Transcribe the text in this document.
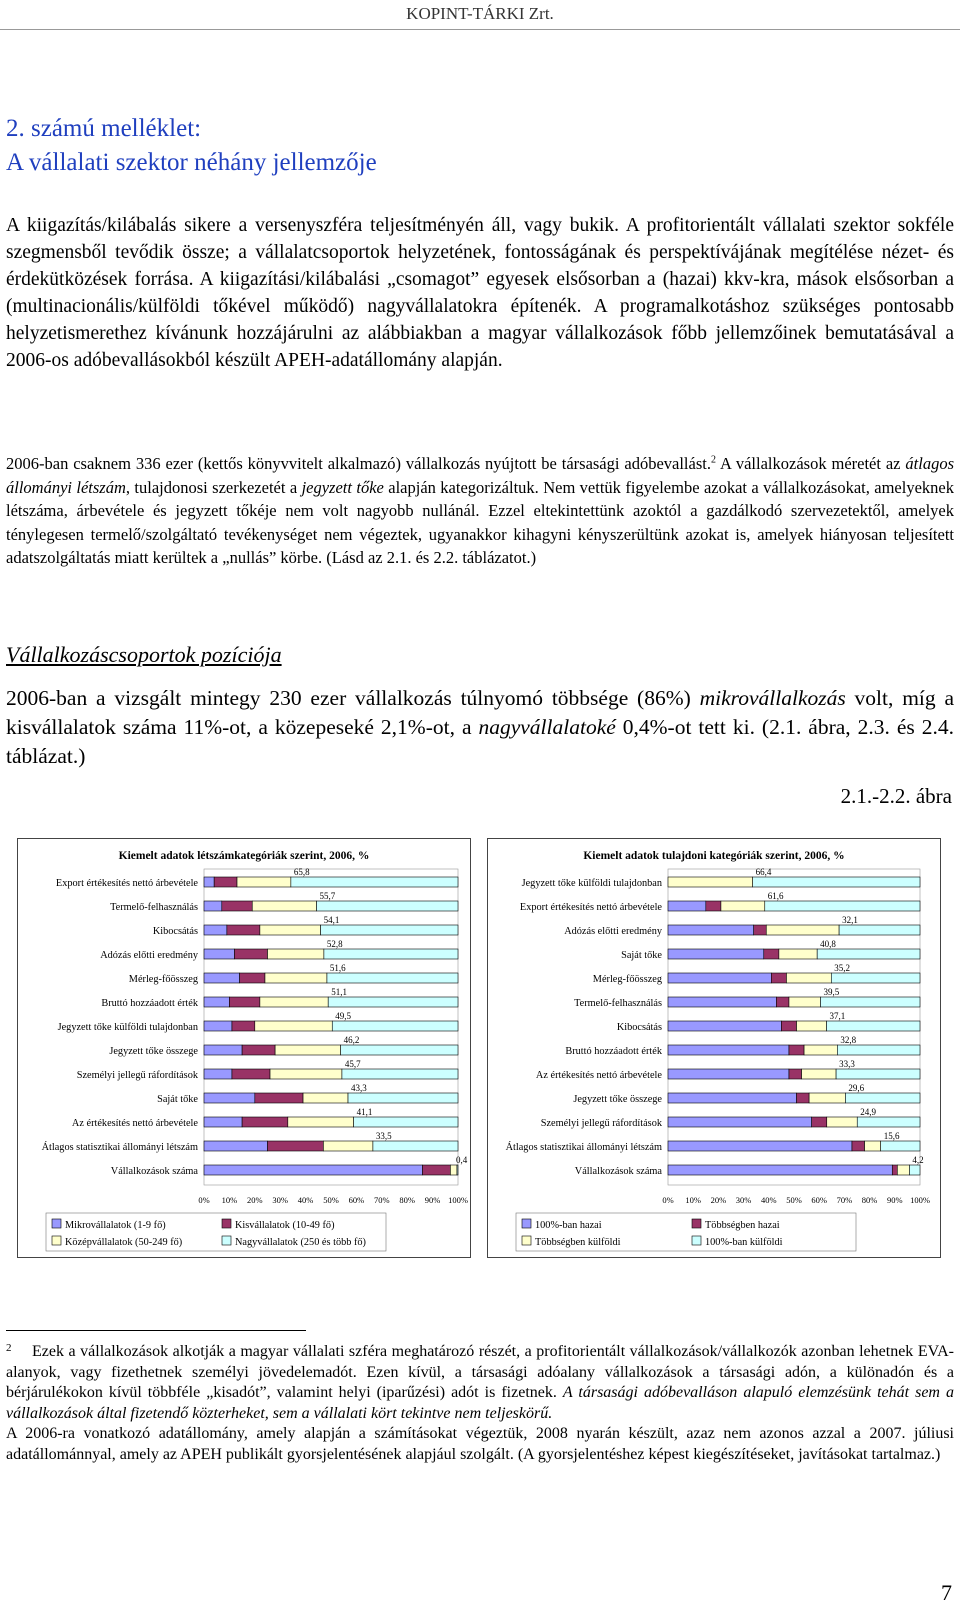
KOPINT-TÁRKI Zrt.
2. számú melléklet:
A vállalati szektor néhány jellemzője
A kiigazítás/kilábalás sikere a versenyszféra teljesítményén áll, vagy bukik. A profitorientált vállalati szektor sokféle szegmensből tevődik össze; a vállalatcsoportok helyzetének, fontosságának és perspektívájának megítélése nézet- és érdekütközések forrása. A kiigazítási/kilábalási „csomagot” egyesek elsősorban a (hazai) kkv-kra, mások elsősorban a (multinacionális/külföldi tőkével működő) nagyvállalatokra építenék. A programalkotáshoz szükséges pontosabb helyzetismerethez kívánunk hozzájárulni az alábbiakban a magyar vállalkozások főbb jellemzőinek bemutatásával a 2006-os adóbevallásokból készült APEH-adatállomány alapján.
2006-ban csaknem 336 ezer (kettős könyvvitelt alkalmazó) vállalkozás nyújtott be társasági adóbevallást.$^2$ A vállalkozások méretét az átlagos állományi létszám, tulajdonosi szerkezetét a jegyzett tőke alapján kategorizáltuk. Nem vettük figyelembe azokat a vállalkozásokat, amelyeknek létszáma, árbevétele és jegyzett tőkéje nem volt nagyobb nullánál. Ezzel eltekintettünk azoktól a gazdálkodó szervezetektől, amelyek ténylegesen termelő/szolgáltató tevékenységet nem végeztek, ugyanakkor kihagyni kényszerültünk azokat is, amelyek hiányosan teljesített adatszolgáltatás miatt kerültek a „nullás” körbe. (Lásd az 2.1. és 2.2. táblázatot.)
Vállalkozáscsoportok pozíciója
2006-ban a vizsgált mintegy 230 ezer vállalkozás túlnyomó többsége (86%) mikrovállalkozás volt, míg a kisvállalatok száma 11%-ot, a közepeseké 2,1%-ot, a nagyvállalatoké 0,4%-ot tett ki. (2.1. ábra, 2.3. és 2.4. táblázat.)
2.1.-2.2. ábra
Kiemelt adatok létszámkategóriák szerint, 2006, %
Export értékesítés nettó árbevétele
65,8
Termelő-felhasználás
55,7
Kibocsátás
54,1
Adózás előtti eredmény
52,8
Mérleg-főösszeg
51,6
Bruttó hozzáadott érték
51,1
Jegyzett tőke külföldi tulajdonban
49,5
Jegyzett tőke összege
46,2
Személyi jellegű ráfordítások
45,7
Saját tőke
43,3
Az értékesítés nettó árbevétele
41,1
Átlagos statisztikai állományi létszám
33,5
Vállalkozások száma
0,4
0% 10% 20% 30% 40% 50% 60% 70% 80% 90% 100%
Mikrovállalatok (1-9 fő)	Kisvállalatok (10-49 fő)
Középvállalatok (50-249 fő)	Nagyvállalatok (250 és több fő)
Kiemelt adatok tulajdoni kategóriák szerint, 2006, %
Jegyzett tőke külföldi tulajdonban
66,4
Export értékesítés nettó árbevétele
61,6
Adózás előtti eredmény
32,1
Saját tőke
40,8
Mérleg-főösszeg
35,2
Termelő-felhasználás
39,5
Kibocsátás
37,1
Bruttó hozzáadott érték
32,8
Az értékesítés nettó árbevétele
33,3
Jegyzett tőke összege
29,6
Személyi jellegű ráfordítások
24,9
Átlagos statisztikai állományi létszám
15,6
Vállalkozások száma
4,2
0% 10% 20% 30% 40% 50% 60% 70% 80% 90% 100%
100%-ban hazai	Többségben hazai
Többségben külföldi	100%-ban külföldi
2	Ezek a vállalkozások alkotják a magyar vállalati szféra meghatározó részét, a profitorientált vállalkozások/vállalkozók azonban lehetnek EVA-alanyok, vagy fizethetnek személyi jövedelemadót. Ezen kívül, a társasági adóalany vállalkozások a társasági adón, a különadón és a bérjárulékokon kívül többféle „kisadót”, valamint helyi (iparűzési) adót is fizetnek. A társasági adóbevalláson alapuló elemzésünk tehát sem a vállalkozások által fizetendő közterheket, sem a vállalati kört tekintve nem teljeskörű.
A 2006-ra vonatkozó adatállomány, amely alapján a számításokat végeztük, 2008 nyarán készült, azaz nem azonos azzal a 2007. júliusi adatállománnyal, amely az APEH publikált gyorsjelentésének alapjául szolgált. (A gyorsjelentéshez képest kiegészítéseket, javításokat tartalmaz.)
7
